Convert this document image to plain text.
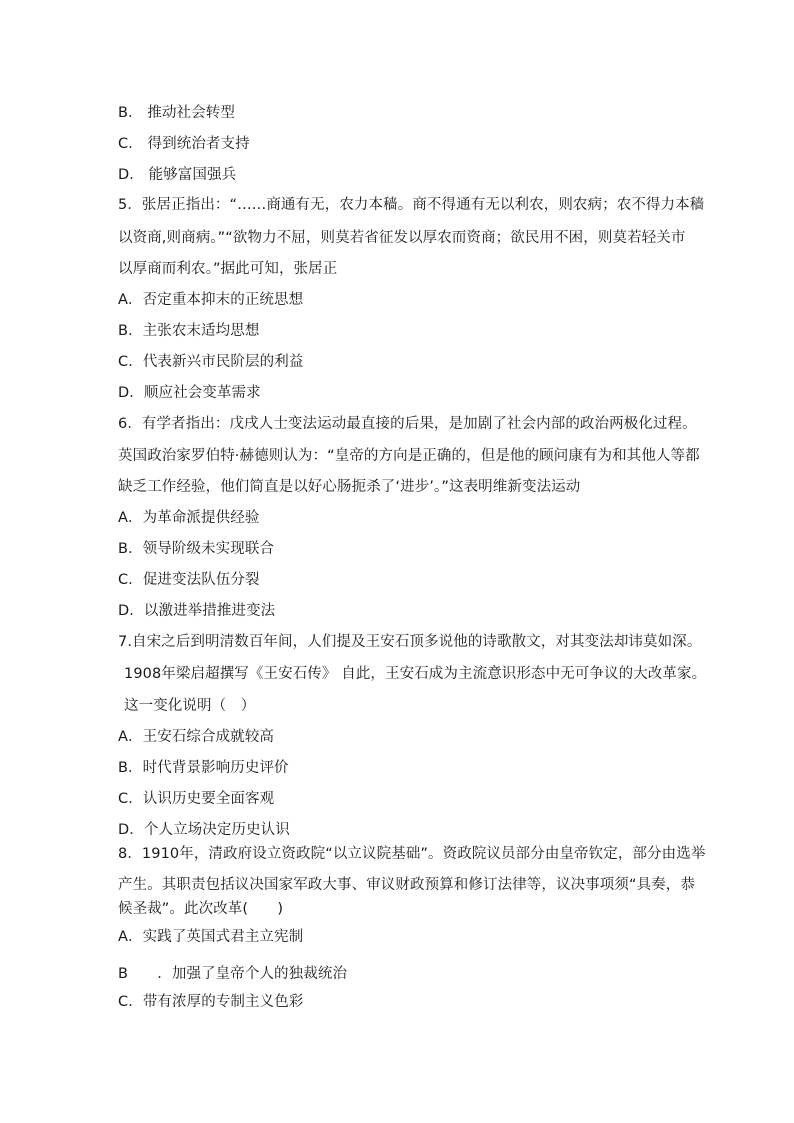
B． 推动社会转型
C． 得到统治者支持
D． 能够富国强兵
5．张居正指出：“……商通有无，农力本穑。商不得通有无以利农，则农病；农不得力本穑
以资商,则商病。”“欲物力不屈，则莫若省征发以厚农而资商；欲民用不困，则莫若轻关市
以厚商而利农。”据此可知，张居正
A．否定重本抑末的正统思想
B．主张农末适均思想
C．代表新兴市民阶层的利益
D．顺应社会变革需求
6．有学者指出：戊戌人士变法运动最直接的后果，是加剧了社会内部的政治两极化过程。
英国政治家罗伯特·赫德则认为：“皇帝的方向是正确的，但是他的顾问康有为和其他人等都
缺乏工作经验，他们简直是以好心肠扼杀了‘进步’。”这表明维新变法运动
A．为革命派提供经验
B．领导阶级未实现联合
C．促进变法队伍分裂
D．以激进举措推进变法
7.自宋之后到明清数百年间，人们提及王安石顶多说他的诗歌散文，对其变法却讳莫如深。
1908年梁启超撰写《王安石传》 自此，王安石成为主流意识形态中无可争议的大改革家。
这一变化说明（　）
A．王安石综合成就较高
B．时代背景影响历史评价
C．认识历史要全面客观
D．个人立场决定历史认识
8．1910年，清政府设立资政院“以立议院基础”。资政院议员部分由皇帝钦定，部分由选举
产生。其职责包括议决国家军政大事、审议财政预算和修订法律等，议决事项须“具奏，恭
候圣裁”。此次改革(　　)
A．实践了英国式君主立宪制
B　　．加强了皇帝个人的独裁统治
C．带有浓厚的专制主义色彩
